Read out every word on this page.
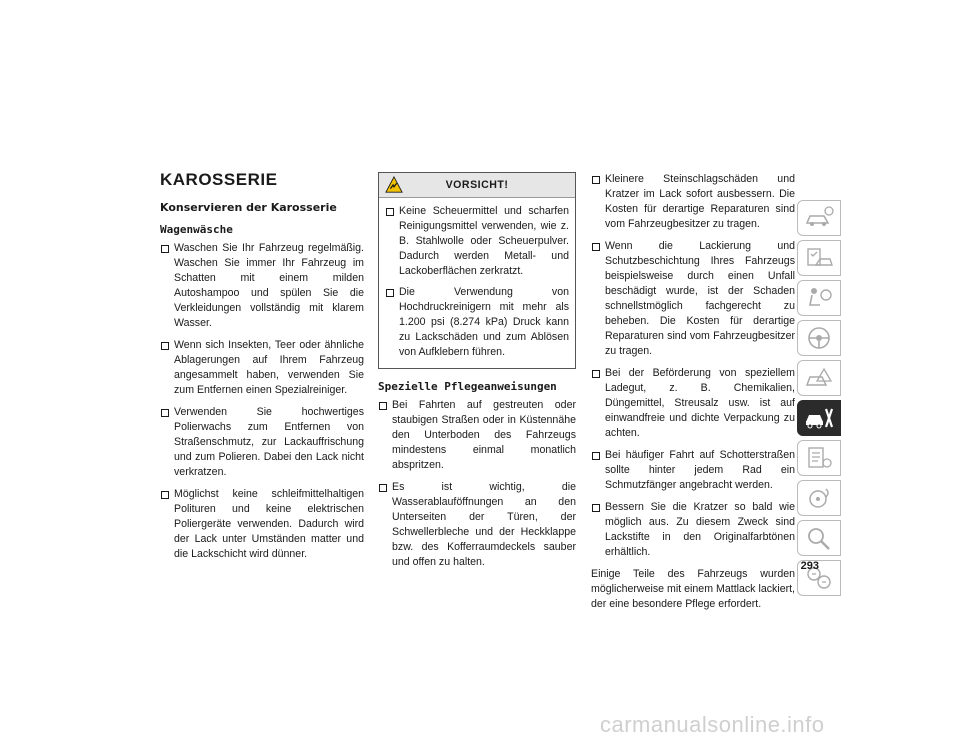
KAROSSERIE
Konservieren der Karosserie
Wagenwäsche
Waschen Sie Ihr Fahrzeug regelmäßig. Waschen Sie immer Ihr Fahrzeug im Schatten mit einem milden Autoshampoo und spülen Sie die Verkleidungen vollständig mit klarem Wasser.
Wenn sich Insekten, Teer oder ähnliche Ablagerungen auf Ihrem Fahrzeug angesammelt haben, verwenden Sie zum Entfernen einen Spezialreiniger.
Verwenden Sie hochwertiges Polierwachs zum Entfernen von Straßenschmutz, zur Lackauffrischung und zum Polieren. Dabei den Lack nicht verkratzen.
Möglichst keine schleifmittelhaltigen Polituren und keine elektrischen Poliergeräte verwenden. Dadurch wird der Lack unter Umständen matter und die Lackschicht wird dünner.
VORSICHT!
Keine Scheuermittel und scharfen Reinigungsmittel verwenden, wie z. B. Stahlwolle oder Scheuerpulver. Dadurch werden Metall- und Lackoberflächen zerkratzt.
Die Verwendung von Hochdruckreinigern mit mehr als 1.200 psi (8.274 kPa) Druck kann zu Lackschäden und zum Ablösen von Aufklebern führen.
Spezielle Pflegeanweisungen
Bei Fahrten auf gestreuten oder staubigen Straßen oder in Küstennähe den Unterboden des Fahrzeugs mindestens einmal monatlich abspritzen.
Es ist wichtig, die Wasserablauföffnungen an den Unterseiten der Türen, der Schwellerbleche und der Heckklappe bzw. des Kofferraumdeckels sauber und offen zu halten.
Kleinere Steinschlagschäden und Kratzer im Lack sofort ausbessern. Die Kosten für derartige Reparaturen sind vom Fahrzeugbesitzer zu tragen.
Wenn die Lackierung und Schutzbeschichtung Ihres Fahrzeugs beispielsweise durch einen Unfall beschädigt wurde, ist der Schaden schnellstmöglich fachgerecht zu beheben. Die Kosten für derartige Reparaturen sind vom Fahrzeugbesitzer zu tragen.
Bei der Beförderung von speziellem Ladegut, z. B. Chemikalien, Düngemittel, Streusalz usw. ist auf einwandfreie und dichte Verpackung zu achten.
Bei häufiger Fahrt auf Schotterstraßen sollte hinter jedem Rad ein Schmutzfänger angebracht werden.
Bessern Sie die Kratzer so bald wie möglich aus. Zu diesem Zweck sind Lackstifte in den Originalfarbtönen erhältlich.

Einige Teile des Fahrzeugs wurden möglicherweise mit einem Mattlack lackiert, der eine besondere Pflege erfordert.

293
carmanualsonline.info
